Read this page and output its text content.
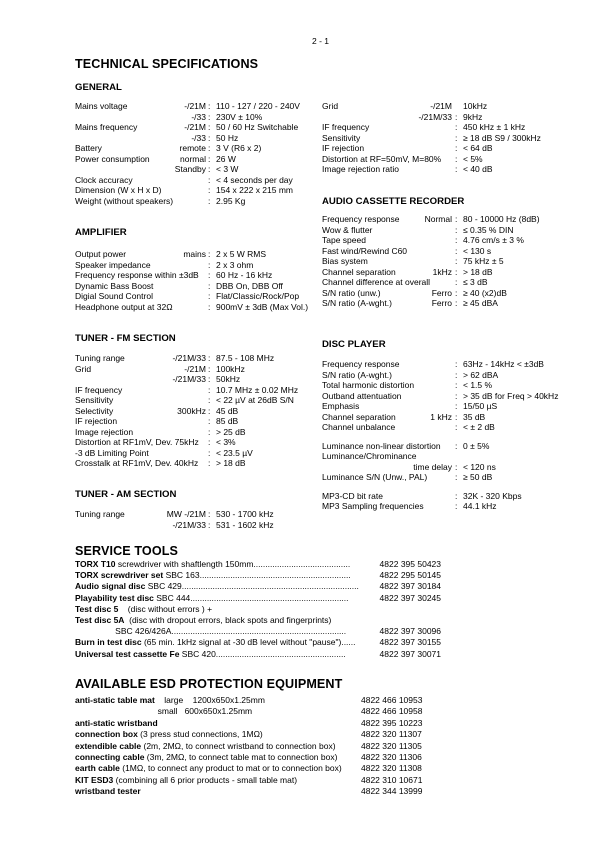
2 - 1
TECHNICAL SPECIFICATIONS
GENERAL
Mains voltage	-/21M : 110 - 127 / 220 - 240V
-/33 : 230V ± 10%
Mains frequency	-/21M : 50 / 60 Hz Switchable
-/33 : 50 Hz
Battery	remote : 3 V (R6 x 2)
Power consumption	normal : 26 W
Standby : < 3 W
Clock accuracy	: < 4 seconds per day
Dimension (W x H x D)	: 154 x 222 x 215 mm
Weight (without speakers)	: 2.95 Kg
AMPLIFIER
Output power	mains : 2 x 5 W RMS
Speaker impedance	: 2 x 3 ohm
Frequency response within ±3dB : 60 Hz - 16 kHz
Dynamic Bass Boost	: DBB On, DBB Off
Digial Sound Control	: Flat/Classic/Rock/Pop
Headphone output at 32Ω	: 900mV ± 3dB (Max Vol.)
TUNER - FM SECTION
Tuning range	-/21M/33 : 87.5 - 108 MHz
Grid	-/21M : 100kHz
-/21M/33 : 50kHz
IF frequency	: 10.7 MHz ± 0.02 MHz
Sensitivity	: < 22 µV at 26dB S/N
Selectivity	300kHz : 45 dB
IF rejection	: 85 dB
Image rejection	: > 25 dB
Distortion at RF1mV, Dev. 75kHz : < 3%
-3 dB Limiting Point	: < 23.5 µV
Crosstalk at RF1mV, Dev. 40kHz : > 18 dB
TUNER - AM SECTION
Tuning range	MW -/21M : 530 - 1700 kHz
-/21M/33 : 531 - 1602 kHz
Grid	-/21M 10kHz
-/21M/33 : 9kHz
IF frequency	: 450 kHz ± 1 kHz
Sensitivity	: ≥ 18 dB S9 / 300kHz
IF rejection	: < 64 dB
Distortion at RF=50mV, M=80% : < 5%
Image rejection ratio	: < 40 dB
AUDIO CASSETTE RECORDER
Frequency response	Normal : 80 - 10000 Hz (8dB)
Wow & flutter	: ≤ 0.35 % DIN
Tape speed	: 4.76 cm/s ± 3 %
Fast wind/Rewind C60	: < 130 s
Bias system	: 75 kHz ± 5
Channel separation	1kHz : > 18 dB
Channel difference at overall	: ≤ 3 dB
S/N ratio (unw.)	Ferro : ≥ 40 (x2)dB
S/N ratio (A-wght.)	Ferro : ≥ 45 dBA
DISC PLAYER
Frequency response	: 63Hz - 14kHz < ±3dB
S/N ratio (A-wght.)	: > 62 dBA
Total harmonic distortion	: < 1.5 %
Outband attentuation	: > 35 dB for Freq > 40kHz
Emphasis	: 15/50 µS
Channel separation	1 kHz : 35 dB
Channel unbalance	: < ± 2 dB
Luminance non-linear distortion : 0 ± 5%
Luminance/Chrominance
time delay : < 120 ns
Luminance S/N (Unw., PAL)	: ≥ 50 dB
MP3-CD bit rate	: 32K - 320 Kbps
MP3 Sampling frequencies	: 44.1 kHz
SERVICE TOOLS
TORX T10 screwdriver with shaftlength 150mm.........................................	4822 395 50423
TORX screwdriver set SBC 163................................................................	4822 295 50145
Audio signal disc SBC 429........................................................................... 4822 397 30184
Playability test disc SBC 444...................................................................	4822 397 30245
Test disc 5    (disc without errors ) +
Test disc 5A  (disc with dropout errors, black spots and fingerprints)
SBC 426/426A..........................................................................	4822 397 30096
Burn in test disc (65 min. 1kHz signal at -30 dB level without "pause")......	4822 397 30155
Universal test cassette Fe SBC 420.......................................................	4822 397 30071
AVAILABLE ESD PROTECTION EQUIPMENT
anti-static table mat    large    1200x650x1.25mm	4822 466 10953
small   600x650x1.25mm	4822 466 10958
anti-static wristband	4822 395 10223
connection box (3 press stud connections, 1MΩ)	4822 320 11307
extendible cable (2m, 2MΩ, to connect wristband to connection box)	4822 320 11305
connecting cable (3m, 2MΩ, to connect table mat to connection box)	4822 320 11306
earth cable (1MΩ, to connect any product to mat or to connection box) 4822 320 11308
KIT ESD3 (combining all 6 prior products - small table mat)	4822 310 10671
wristband tester	4822 344 13999
